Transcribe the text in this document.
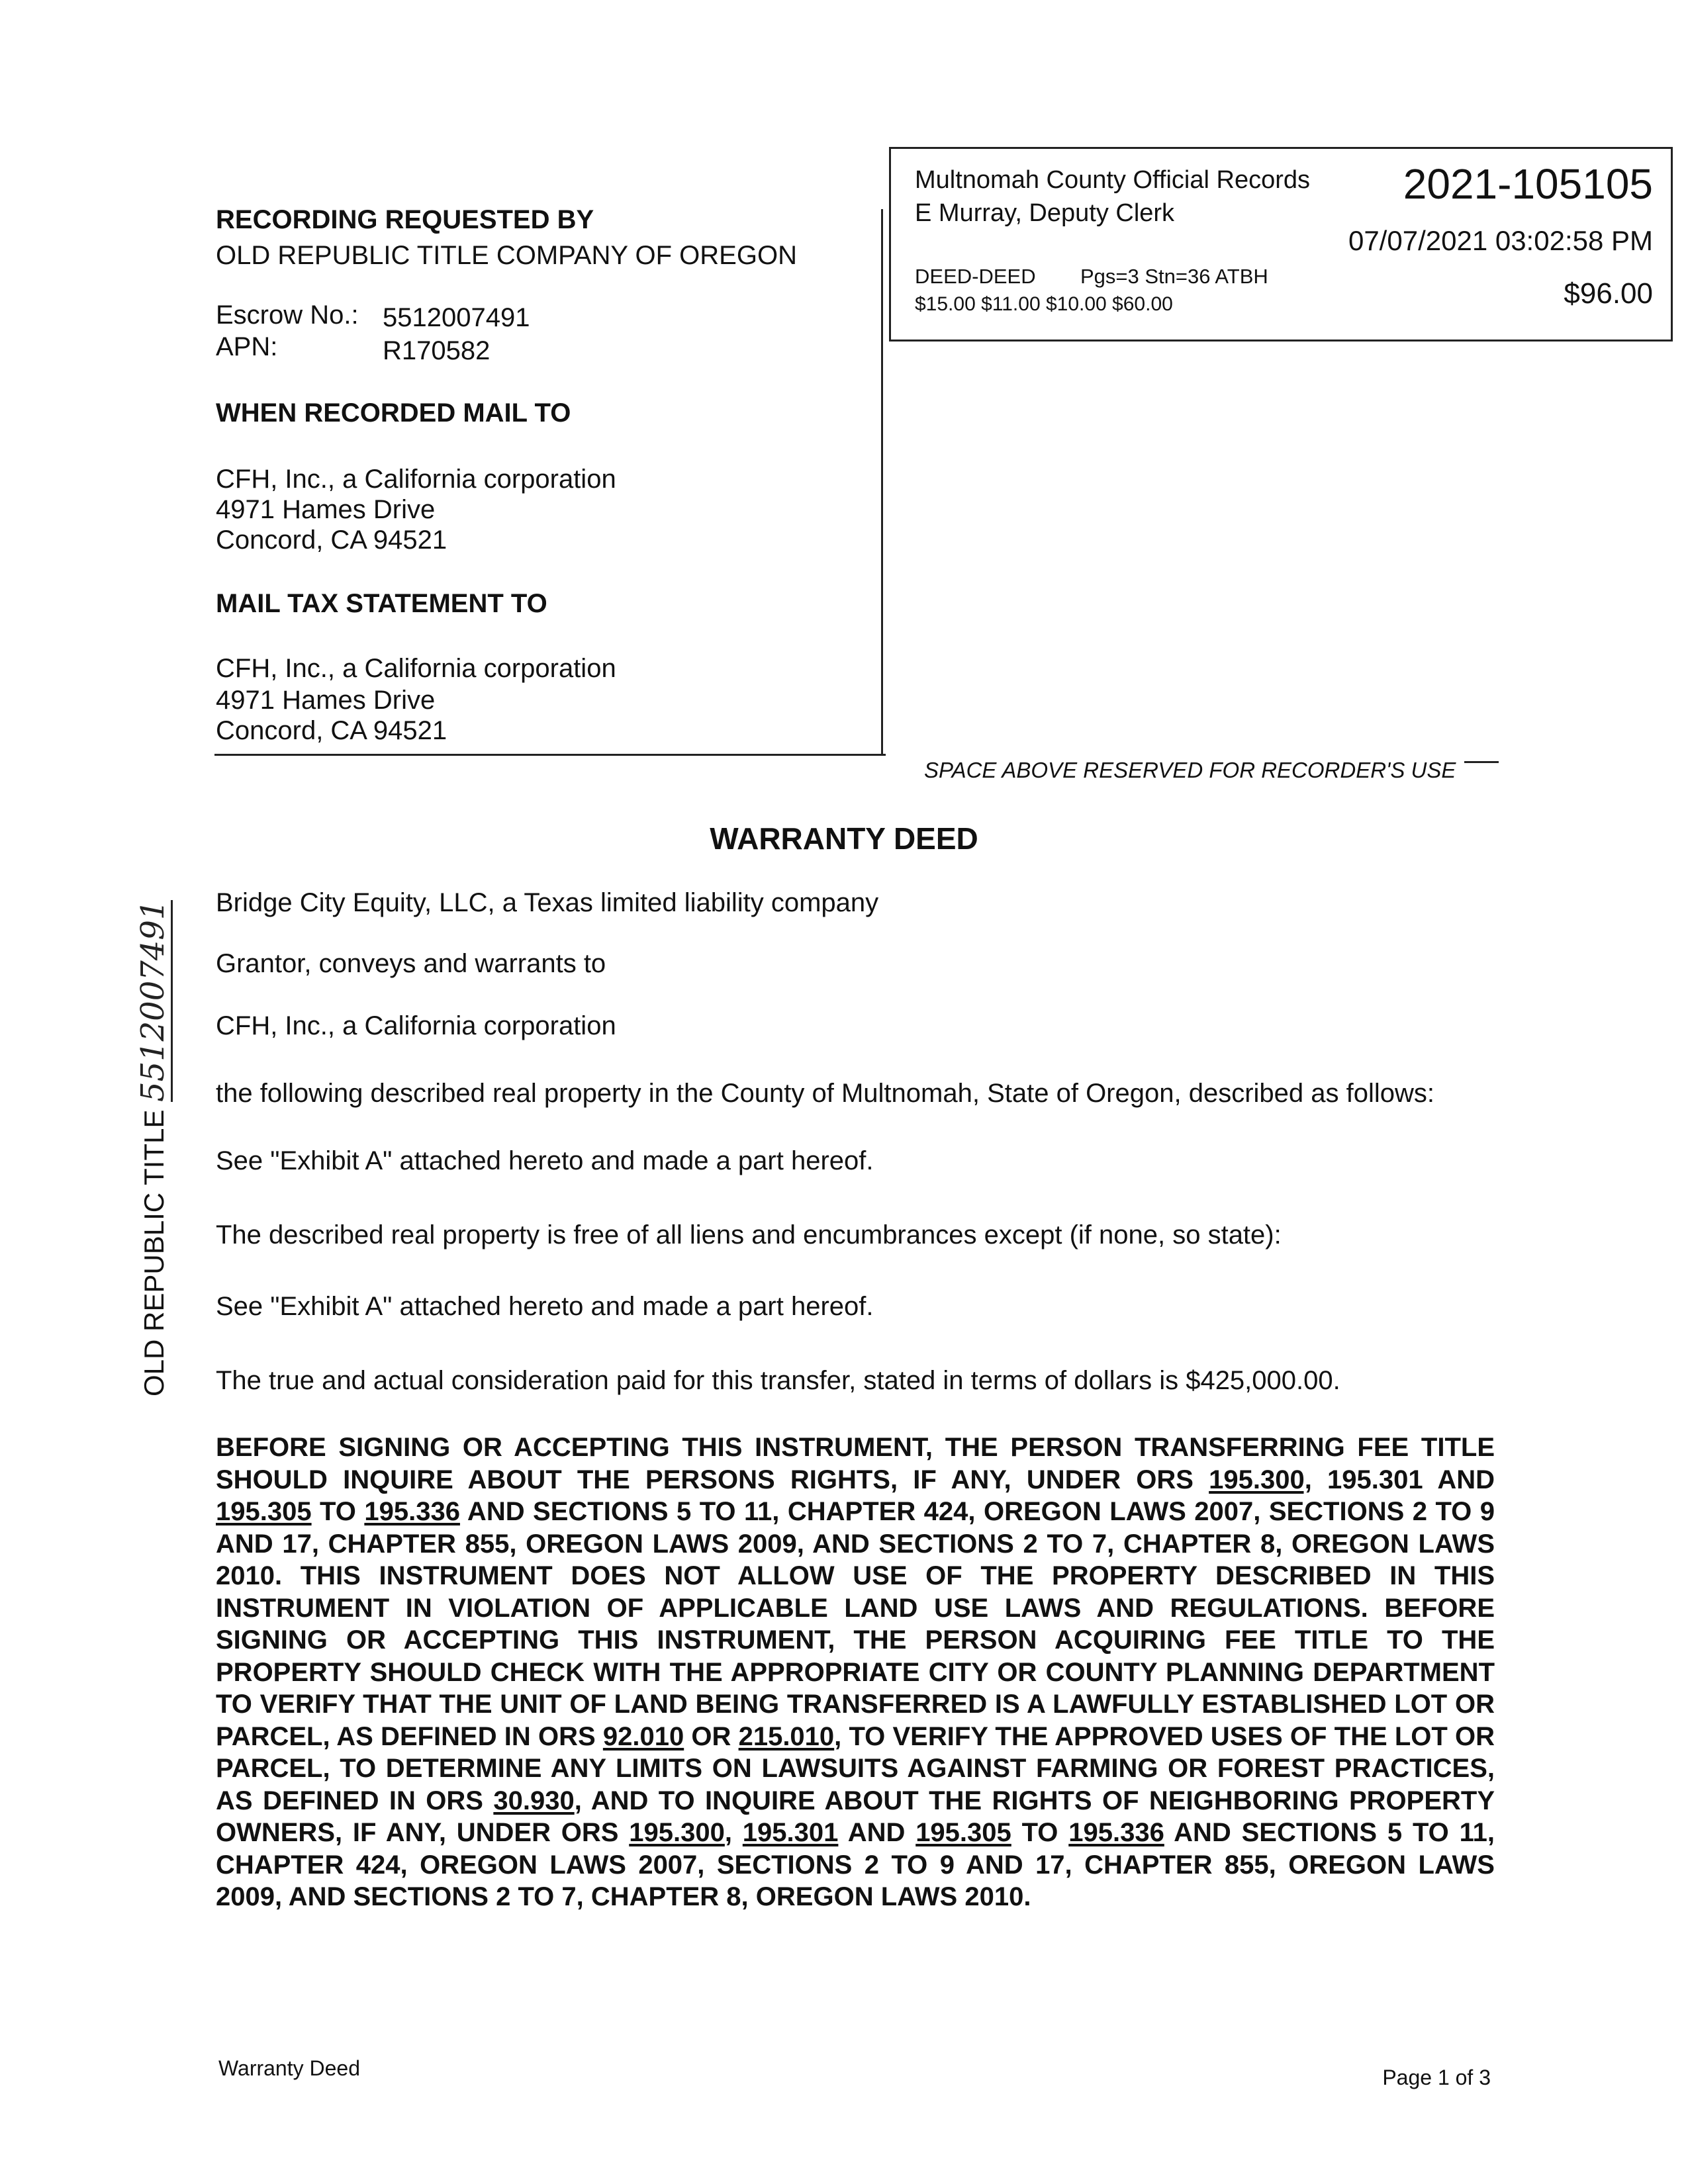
RECORDING REQUESTED BY
OLD REPUBLIC TITLE COMPANY OF OREGON
Escrow No.: 5512007491
APN:	R170582
WHEN RECORDED MAIL TO
CFH, Inc., a California corporation
4971 Hames Drive
Concord, CA 94521
MAIL TAX STATEMENT TO
CFH, Inc., a California corporation
4971 Hames Drive
Concord, CA 94521
Multnomah County Official Records
E Murray, Deputy Clerk
2021-105105
07/07/2021 03:02:58 PM
DEED-DEED Pgs=3 Stn=36 ATBH
$15.00 $11.00 $10.00 $60.00	$96.00
SPACE ABOVE RESERVED FOR RECORDER'S USE
WARRANTY DEED
Bridge City Equity, LLC, a Texas limited liability company
Grantor, conveys and warrants to
CFH, Inc., a California corporation
the following described real property in the County of Multnomah, State of Oregon, described as follows:
See "Exhibit A" attached hereto and made a part hereof.
The described real property is free of all liens and encumbrances except (if none, so state):
See "Exhibit A" attached hereto and made a part hereof.
The true and actual consideration paid for this transfer, stated in terms of dollars is $425,000.00.
BEFORE SIGNING OR ACCEPTING THIS INSTRUMENT, THE PERSON TRANSFERRING FEE TITLE SHOULD INQUIRE ABOUT THE PERSONS RIGHTS, IF ANY, UNDER ORS 195.300, 195.301 AND 195.305 TO 195.336 AND SECTIONS 5 TO 11, CHAPTER 424, OREGON LAWS 2007, SECTIONS 2 TO 9 AND 17, CHAPTER 855, OREGON LAWS 2009, AND SECTIONS 2 TO 7, CHAPTER 8, OREGON LAWS 2010. THIS INSTRUMENT DOES NOT ALLOW USE OF THE PROPERTY DESCRIBED IN THIS INSTRUMENT IN VIOLATION OF APPLICABLE LAND USE LAWS AND REGULATIONS. BEFORE SIGNING OR ACCEPTING THIS INSTRUMENT, THE PERSON ACQUIRING FEE TITLE TO THE PROPERTY SHOULD CHECK WITH THE APPROPRIATE CITY OR COUNTY PLANNING DEPARTMENT TO VERIFY THAT THE UNIT OF LAND BEING TRANSFERRED IS A LAWFULLY ESTABLISHED LOT OR PARCEL, AS DEFINED IN ORS 92.010 OR 215.010, TO VERIFY THE APPROVED USES OF THE LOT OR PARCEL, TO DETERMINE ANY LIMITS ON LAWSUITS AGAINST FARMING OR FOREST PRACTICES, AS DEFINED IN ORS 30.930, AND TO INQUIRE ABOUT THE RIGHTS OF NEIGHBORING PROPERTY OWNERS, IF ANY, UNDER ORS 195.300, 195.301 AND 195.305 TO 195.336 AND SECTIONS 5 TO 11, CHAPTER 424, OREGON LAWS 2007, SECTIONS 2 TO 9 AND 17, CHAPTER 855, OREGON LAWS 2009, AND SECTIONS 2 TO 7, CHAPTER 8, OREGON LAWS 2010.
OLD REPUBLIC TITLE 5512007491
Warranty Deed	Page 1 of 3
